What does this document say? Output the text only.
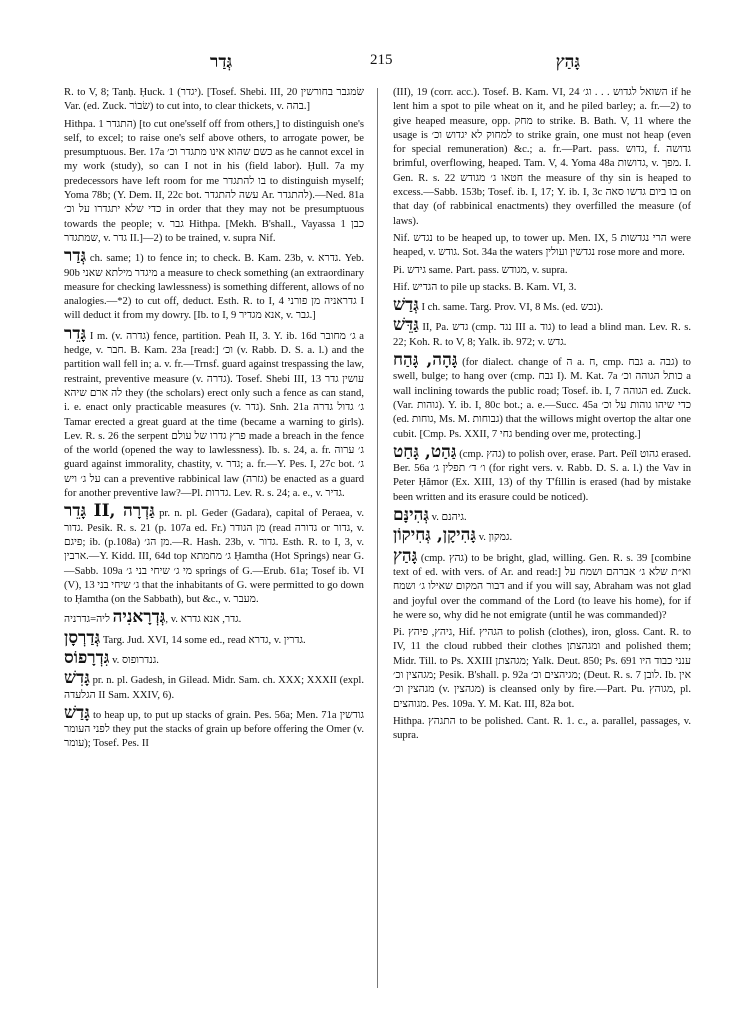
גְּדַר	215	גָּהַץ

R. to V, 8; Tanḥ. Ḥuck. 1 (יגדר). [Tosef. Shebi. III, 20 שׂמגבר בחורשין Var. (ed. Zuck. שׂבוֹר) to cut into, to clear thickets, v. בהה.]

Hithpa. התגדר 1) [to cut one'sself off from others,] to distinguish one's self, to excel; to raise one's self above others, to arrogate power, be presumptuous. Ber. 17a כשם שהוא אינו מתגדר וכ׳ as he cannot excel in my work (study), so can I not in his (field labor). Ḥull. 7a my predecessors have left room for me בו להתגדר to distinguish myself; Yoma 78b; (Y. Dem. II, 22c bot. עשה להתגדר Ar. להתגדר).—Ned. 81a כדי שלא יתגדרו על וכ׳ in order that they may not be presumptuous towards the people; v. גבר Hithpa. [Mekh. B'shall., Vayassa 1 כבן שמתגדר, v. גדר II.]—2) to be trained, v. supra Nif.

גְּדַר ch. same; 1) to fence in; to check. B. Kam. 23b, v. גדרא. Yeb. 90b מיגדר מילתא שאני a measure to check something (an extraordinary measure for checking lawlessness) is something different, allows of no analogies.—*2) to cut off, deduct. Esth. R. to I, 4 גדראניה מן פורני I will deduct it from my dowry. [Ib. to I, 9 אנא מגדיר, v. גבר.]

גָּדֵר I m. (v. גדרה) fence, partition. Peah II, 3. Y. ib. 16d ג׳ מחובר a hedge, v. חבר. B. Kam. 23a [read:] וכ׳ (v. Rabb. D. S. a. l.) and the partition wall fell in; a. v. fr.—Trnsf. guard against trespassing the law, restraint, preventive measure (v. גדרה). Tosef. Shebi III, 13 עושין גדר לה ארם שיהא they (the scholars) erect only such a fence as can stand, i. e. enact only practicable measures (v. גדר). Snh. 21a ג׳ גדול גדרה Tamar erected a great guard at the time (became a warning to girls). Lev. R. s. 26 the serpent פרץ גדרו של עולם made a breach in the fence of the world (opened the way to lawlessness). Ib. s. 24, a. fr. ג׳ ערוה guard against immorality, chastity, v. גדר; a. fr.—Y. Pes. I, 27c bot. ג׳ על ג׳ ויש can a preventive rabbinical law (גזרה) be enacted as a guard for another preventive law?—Pl. גדרות. Lev. R. s. 24; a. e., v. גדיר.

גָּדֵר II, גַּדְרָה pr. n. pl. Geder (Gadara), capital of Peraea, v. גדור. Pesik. R. s. 21 (p. 107a ed. Fr.) מן הגודר (read גדורה or גדור, v. פיגם; ib. (p.108a) מן הג׳.—R. Hash. 23b, v. גדור. Esth. R. to I, 3, v. ארבין.—Y. Kidd. III, 64d top ג׳ מחמתא Ḥamtha (Hot Springs) near G.—Sabb. 109a מי ג׳ שיחי בני ג׳ springs of G.—Erub. 61a; Tosef ib. VI (V), 13 ג׳ שיחי בני that the inhabitants of G. were permitted to go down to Ḥamtha (on the Sabbath), but &c., v. מעבר.

גְּדְרָאנִיה ליה=גדרניה, v. גדר, אנא גדרא.

גְּדַרְסָן Targ. Jud. XVI, 14 some ed., read גדרא, v. גדרין.

גִּדְרָפוֹס v. גנדרופוס.

גָּדִשׁ pr. n. pl. Gadesh, in Gilead. Midr. Sam. ch. XXX; XXXII (expl. הגלעדה II Sam. XXIV, 6).

גָּדַשׁ to heap up, to put up stacks of grain. Pes. 56a; Men. 71a גודשין לפני העומר they put the stacks of grain up before offering the Omer (v. עומר); Tosef. Pes. II

(III), 19 (corr. acc.). Tosef. B. Kam. VI, 24 השואל לגדוש . . . וג׳ if he lent him a spot to pile wheat on it, and he piled barley; a. fr.—2) to give heaped measure, opp. מחק to strike. B. Bath. V, 11 where the usage is למחוק לא יגדוש וכ׳ to strike grain, one must not heap (even for special remuneration) &c.; a. fr.—Part. pass. גדוש, f. גדושה brimful, overflowing, heaped. Tam. V, 4. Yoma 48a גדושות, v. מפך. I. Gen. R. s. 22 חטאו ג׳ מגודש the measure of thy sin is heaped to excess.—Sabb. 153b; Tosef. ib. I, 17; Y. ib. I, 3c בו ביום גדשו סאה on that day (of rabbinical enactments) they overfilled the measure (of laws).

Nif. נגדש to be heaped up, to tower up. Men. IX, 5 הרי נגדשות were heaped, v. גודש. Sot. 34a the waters נגדשין ועולין rose more and more.

Pi. גידש same. Part. pass. מגודש, v. supra.

Hif. הגדיש to pile up stacks. B. Kam. VI, 3.

גְּדַשׁ I ch. same. Targ. Prov. VI, 8 Ms. (ed. נכש).

גַּדֵּשׁ II, Pa. גדש (cmp. נגד III a. גוד) to lead a blind man. Lev. R. s. 22; Koh. R. to V, 8; Yalk. ib. 972; v. גדש.

גָּהָה, גָּהַח (for dialect. change of ה a. ח, cmp. גבח a. גבה) to swell, bulge; to hang over (cmp. גבח I). M. Kat. 7a כותל הגוהה וכ׳ a wall inclining towards the public road; Tosef. ib. I, 7 הגוהה ed. Zuck. (Var. גוהות). Y. ib. I, 80c bot.; a. e.—Succ. 45a כדי שיהו גוהות על וכ׳ (ed. גוחות, Ms. M. גבוחות) that the willows might overtop the altar one cubit. [Cmp. Ps. XXII, 7 גחי bending over me, protecting.]

גַּהַט, גָּחַט (cmp. גהץ) to polish over, erase. Part. Peïl גהוט erased. Ber. 56a ו׳ ד׳ תפלין ג׳ (for right vers. v. Rabb. D. S. a. l.) the Vav in Peter Ḥămor (Ex. XIII, 13) of thy T'fillin is erased (had by mistake been written and its erasure could be noticed).

גְּהִינָּם v. גיהנם.

גָּהִיקָן, גְּחִיקוֹן v. גמקון.

גָּהַץ (cmp. גהץ) to be bright, glad, willing. Gen. R. s. 39 [combine text of ed. with vers. of Ar. and read:] וא״ת שלא ג׳ אברהם ושמח על דבור המקום שאילו ג׳ ושמח and if you will say, Abraham was not glad and joyful over the command of the Lord (to leave his home), for if he were so, why did he not emigrate (until he was commanded)?

Pi. גיהץ, פיהץ, Hif. הגהיץ to polish (clothes), iron, gloss. Cant. R. to IV, 11 the cloud rubbed their clothes ומגהצתן and polished them; Midr. Till. to Ps. XXIII מגהצתן; Yalk. Deut. 850; Ps. 691 ענני כבוד היו מגהצין וכ׳; Pesik. B'shall. p. 92a מגיהצים וכ׳; (Deut. R. s. 7 לובן. Ib. אין מגהצין וכ׳ (v. מגהצין) is cleansed only by fire.—Part. Pu. מגוהץ, pl. מגוהצים. Pes. 109a. Y. M. Kat. III, 82a bot.

Hithpa. התגהץ to be polished. Cant. R. 1. c., a. parallel, passages, v. supra.
